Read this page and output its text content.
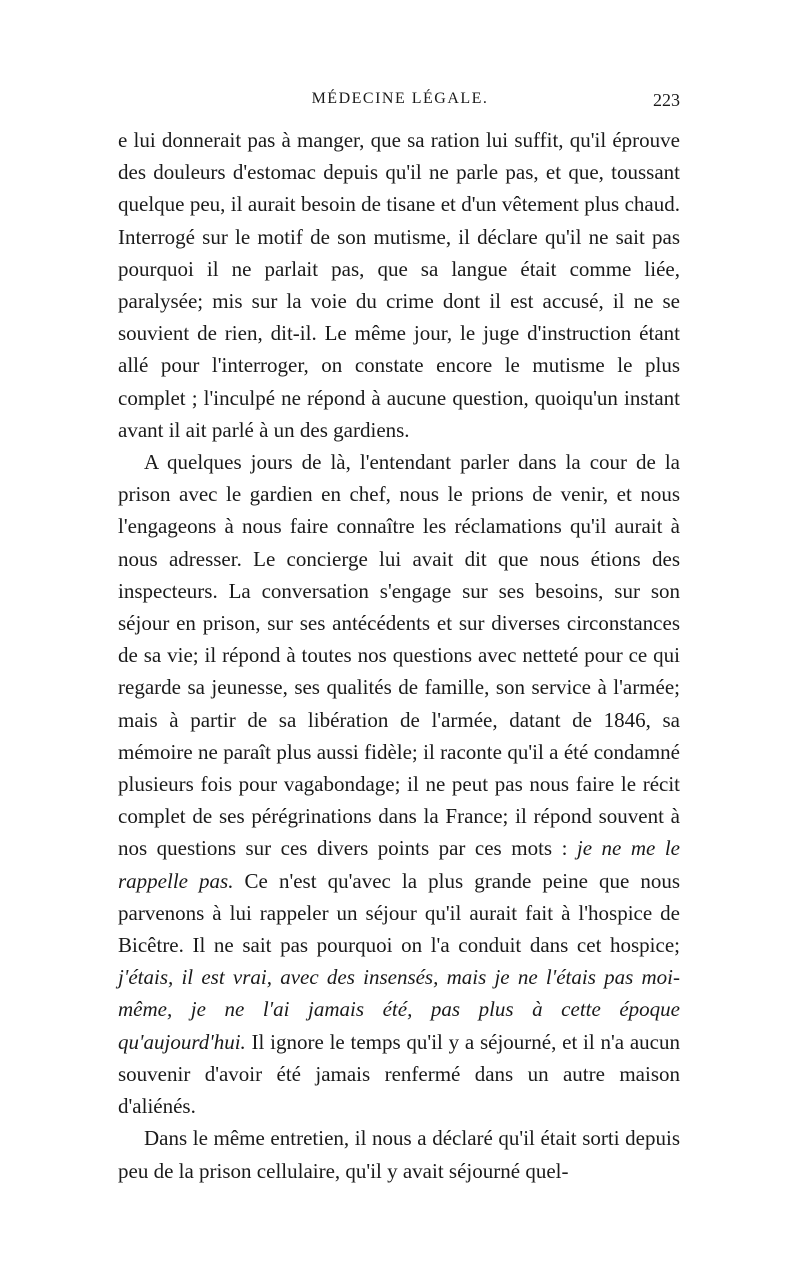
MÉDECINE LÉGALE.	223

e lui donnerait pas à manger, que sa ration lui suffit, qu'il éprouve des douleurs d'estomac depuis qu'il ne parle pas, et que, toussant quelque peu, il aurait besoin de tisane et d'un vêtement plus chaud. Interrogé sur le motif de son mutisme, il déclare qu'il ne sait pas pourquoi il ne parlait pas, que sa langue était comme liée, paralysée; mis sur la voie du crime dont il est accusé, il ne se souvient de rien, dit-il. Le même jour, le juge d'instruction étant allé pour l'interroger, on constate encore le mutisme le plus complet ; l'inculpé ne répond à aucune question, quoiqu'un instant avant il ait parlé à un des gardiens.

A quelques jours de là, l'entendant parler dans la cour de la prison avec le gardien en chef, nous le prions de venir, et nous l'engageons à nous faire connaître les réclamations qu'il aurait à nous adresser. Le concierge lui avait dit que nous étions des inspecteurs. La conversation s'engage sur ses besoins, sur son séjour en prison, sur ses antécédents et sur diverses circonstances de sa vie; il répond à toutes nos questions avec netteté pour ce qui regarde sa jeunesse, ses qualités de famille, son service à l'armée; mais à partir de sa libération de l'armée, datant de 1846, sa mémoire ne paraît plus aussi fidèle; il raconte qu'il a été condamné plusieurs fois pour vagabondage; il ne peut pas nous faire le récit complet de ses pérégrinations dans la France; il répond souvent à nos questions sur ces divers points par ces mots : je ne me le rappelle pas. Ce n'est qu'avec la plus grande peine que nous parvenons à lui rappeler un séjour qu'il aurait fait à l'hospice de Bicêtre. Il ne sait pas pourquoi on l'a conduit dans cet hospice; j'étais, il est vrai, avec des insensés, mais je ne l'étais pas moi-même, je ne l'ai jamais été, pas plus à cette époque qu'aujourd'hui. Il ignore le temps qu'il y a séjourné, et il n'a aucun souvenir d'avoir été jamais renfermé dans un autre maison d'aliénés.

Dans le même entretien, il nous a déclaré qu'il était sorti depuis peu de la prison cellulaire, qu'il y avait séjourné quel-
